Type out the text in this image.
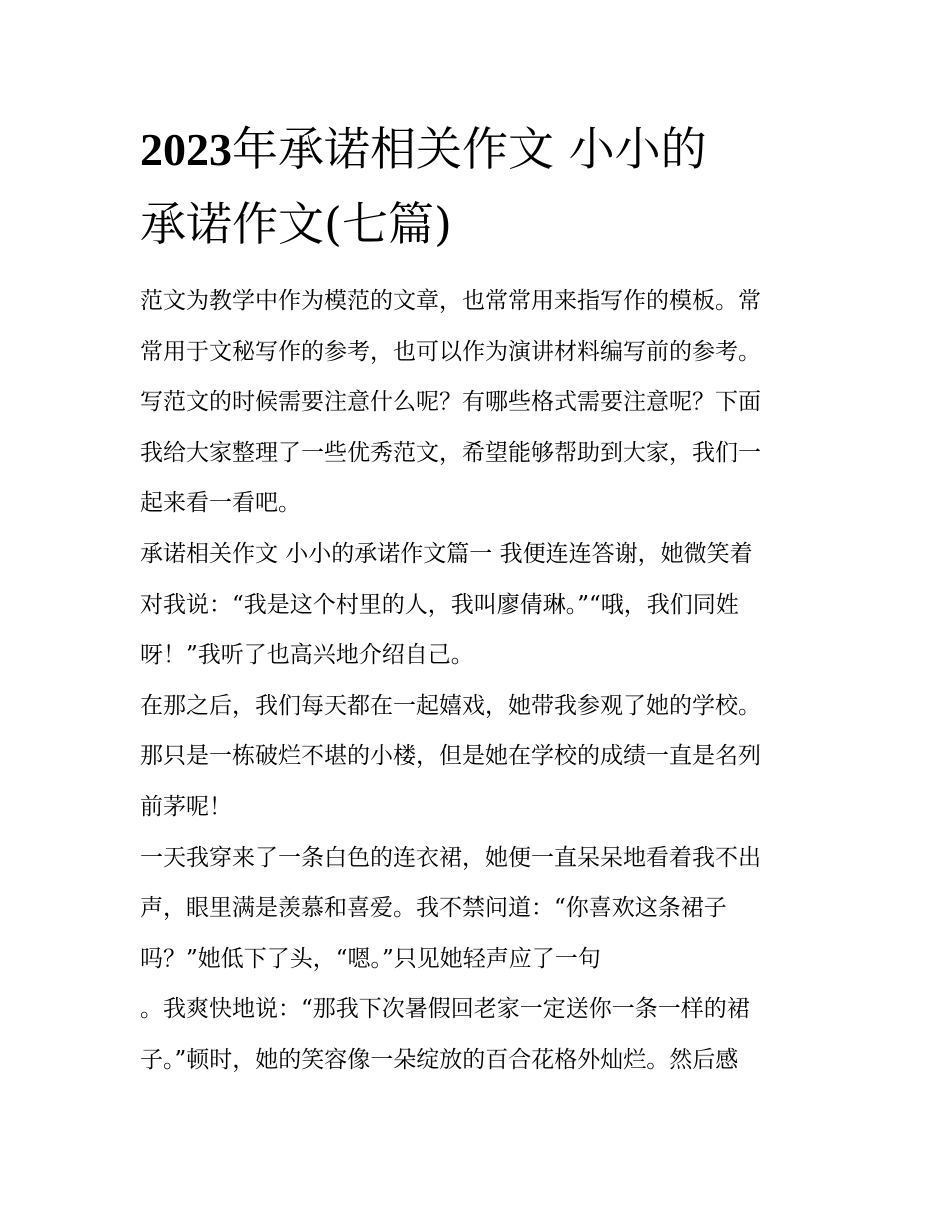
2023年承诺相关作文 小小的
承诺作文(七篇)
范文为教学中作为模范的文章，也常常用来指写作的模板。常
常用于文秘写作的参考，也可以作为演讲材料编写前的参考。
写范文的时候需要注意什么呢？有哪些格式需要注意呢？下面
我给大家整理了一些优秀范文，希望能够帮助到大家，我们一
起来看一看吧。
承诺相关作文 小小的承诺作文篇一 我便连连答谢，她微笑着
对我说：“我是这个村里的人，我叫廖倩琳。”“哦，我们同姓
呀！”我听了也高兴地介绍自己。
在那之后，我们每天都在一起嬉戏，她带我参观了她的学校。
那只是一栋破烂不堪的小楼，但是她在学校的成绩一直是名列
前茅呢！
一天我穿来了一条白色的连衣裙，她便一直呆呆地看着我不出
声，眼里满是羡慕和喜爱。我不禁问道：“你喜欢这条裙子
吗？”她低下了头，“嗯。”只见她轻声应了一句
。我爽快地说：“那我下次暑假回老家一定送你一条一样的裙
子。”顿时，她的笑容像一朵绽放的百合花格外灿烂。然后感
